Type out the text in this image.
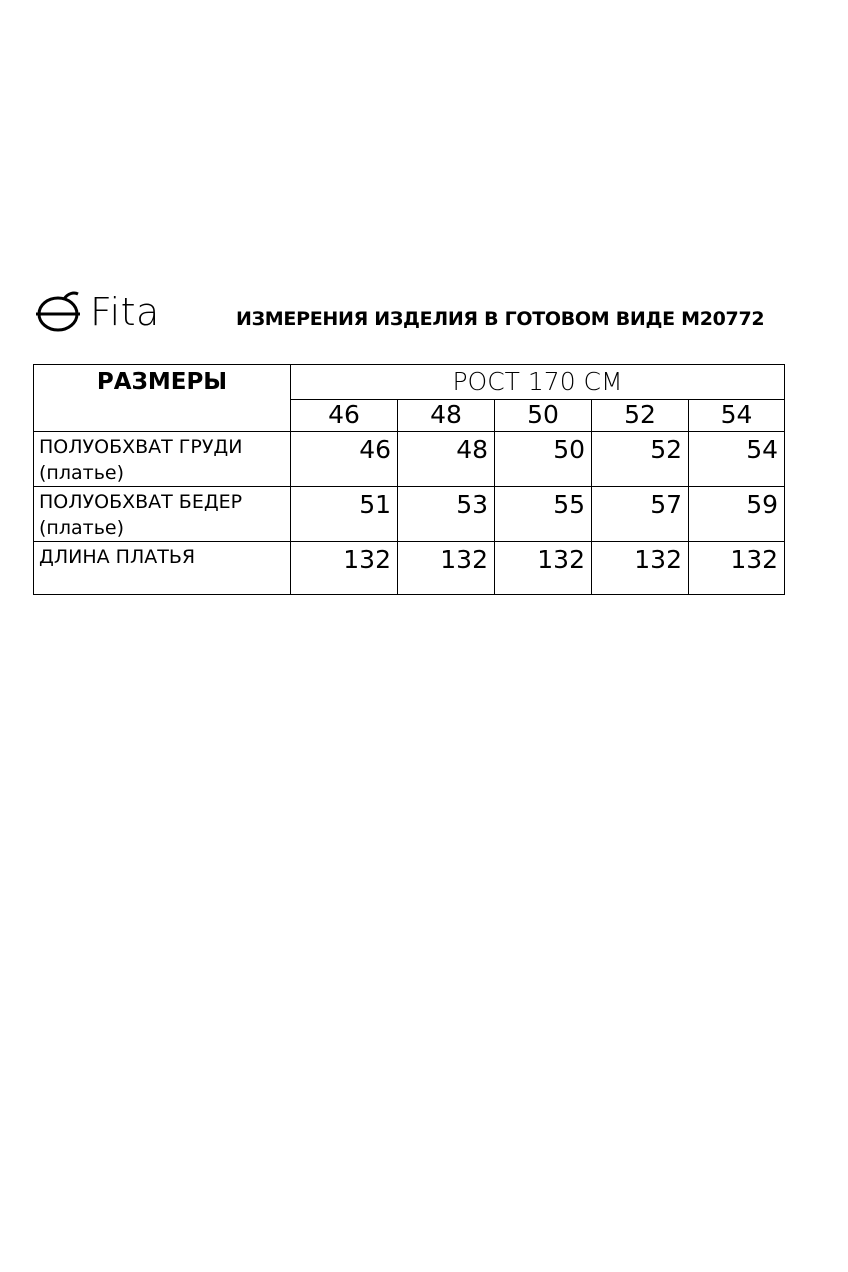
Fita	ИЗМЕРЕНИЯ ИЗДЕЛИЯ В ГОТОВОМ ВИДЕ М20772
РАЗМЕРЫ	РОСТ 170 СМ				
	46	48	50	52	54

ПОЛУОБХВАТ ГРУДИ
(платье)	46	48	50	52	54

ПОЛУОБХВАТ БЕДЕР
(платье)	51	53	55	57	59

ДЛИНА ПЛАТЬЯ	132	132	132	132	132
